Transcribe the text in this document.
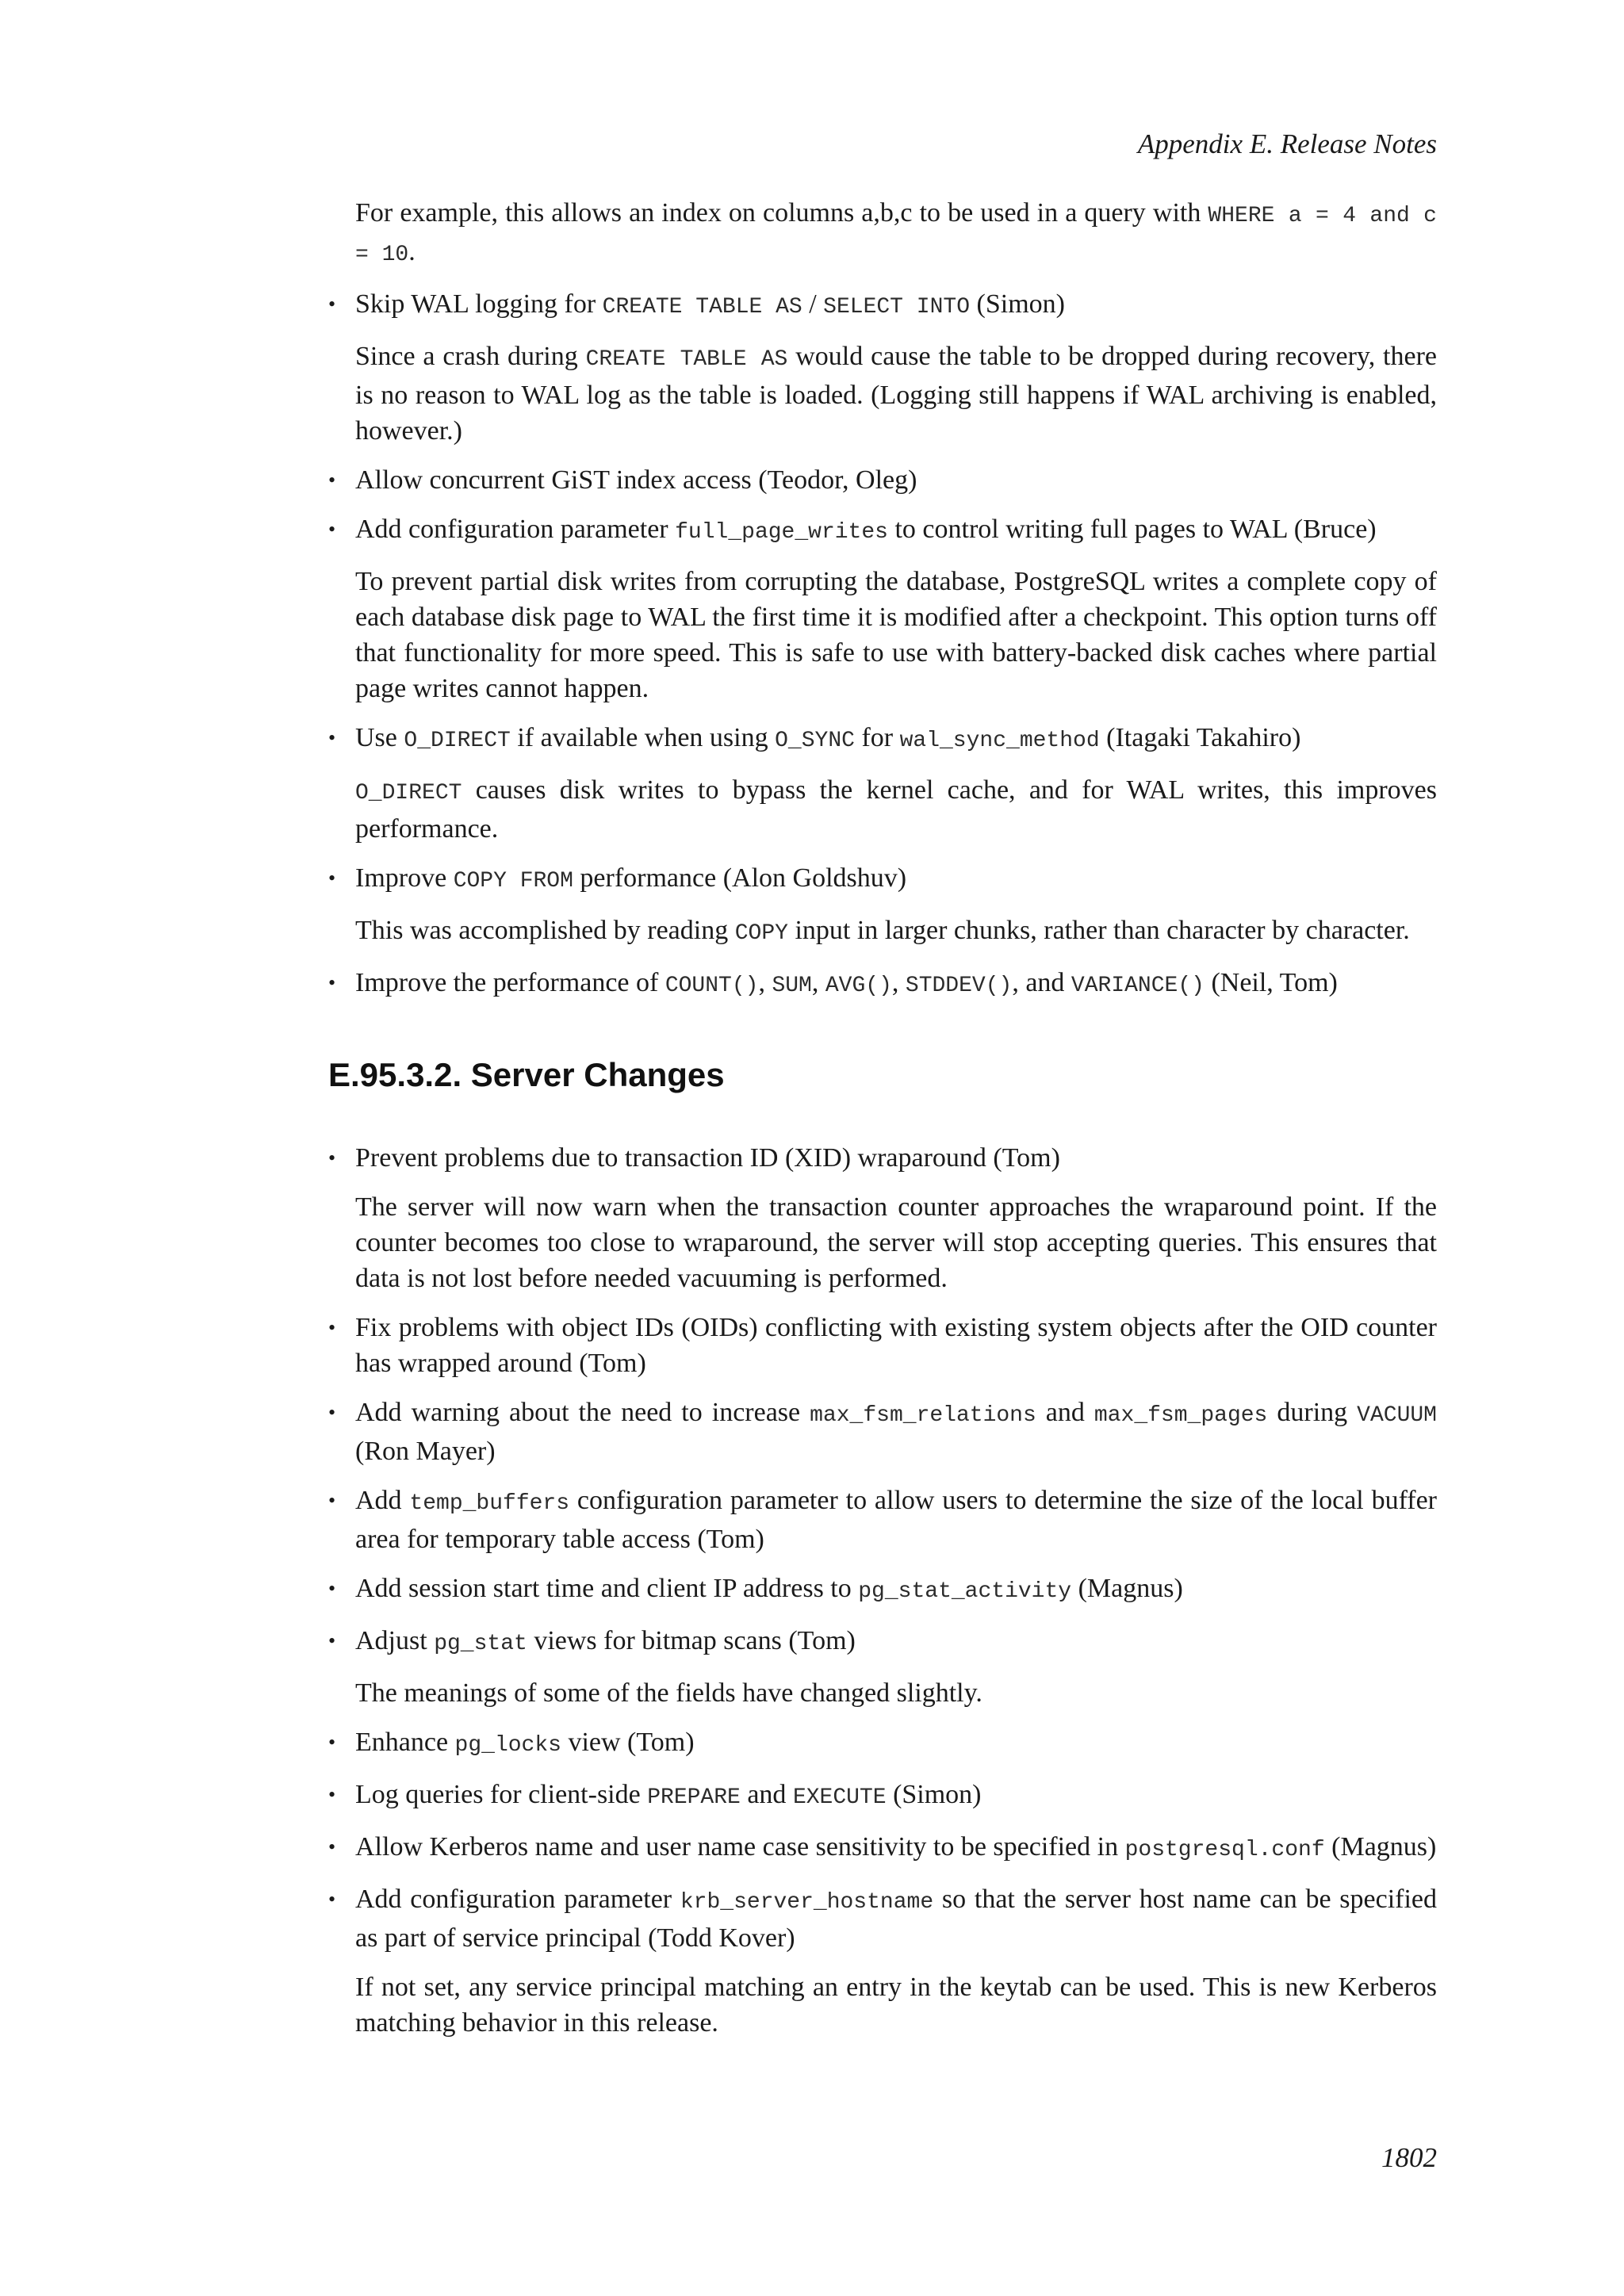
Appendix E. Release Notes

For example, this allows an index on columns a,b,c to be used in a query with WHERE a = 4 and c = 10.

• Skip WAL logging for CREATE TABLE AS / SELECT INTO (Simon)

Since a crash during CREATE TABLE AS would cause the table to be dropped during recovery, there is no reason to WAL log as the table is loaded. (Logging still happens if WAL archiving is enabled, however.)

• Allow concurrent GiST index access (Teodor, Oleg)

• Add configuration parameter full_page_writes to control writing full pages to WAL (Bruce)

To prevent partial disk writes from corrupting the database, PostgreSQL writes a complete copy of each database disk page to WAL the first time it is modified after a checkpoint. This option turns off that functionality for more speed. This is safe to use with battery-backed disk caches where partial page writes cannot happen.

• Use O_DIRECT if available when using O_SYNC for wal_sync_method (Itagaki Takahiro)

O_DIRECT causes disk writes to bypass the kernel cache, and for WAL writes, this improves performance.

• Improve COPY FROM performance (Alon Goldshuv)

This was accomplished by reading COPY input in larger chunks, rather than character by character.

• Improve the performance of COUNT(), SUM, AVG(), STDDEV(), and VARIANCE() (Neil, Tom)

E.95.3.2. Server Changes

• Prevent problems due to transaction ID (XID) wraparound (Tom)

The server will now warn when the transaction counter approaches the wraparound point. If the counter becomes too close to wraparound, the server will stop accepting queries. This ensures that data is not lost before needed vacuuming is performed.

• Fix problems with object IDs (OIDs) conflicting with existing system objects after the OID counter has wrapped around (Tom)

• Add warning about the need to increase max_fsm_relations and max_fsm_pages during VACUUM (Ron Mayer)

• Add temp_buffers configuration parameter to allow users to determine the size of the local buffer area for temporary table access (Tom)

• Add session start time and client IP address to pg_stat_activity (Magnus)

• Adjust pg_stat views for bitmap scans (Tom)

The meanings of some of the fields have changed slightly.

• Enhance pg_locks view (Tom)

• Log queries for client-side PREPARE and EXECUTE (Simon)

• Allow Kerberos name and user name case sensitivity to be specified in postgresql.conf (Magnus)

• Add configuration parameter krb_server_hostname so that the server host name can be specified as part of service principal (Todd Kover)

If not set, any service principal matching an entry in the keytab can be used. This is new Kerberos matching behavior in this release.

1802
